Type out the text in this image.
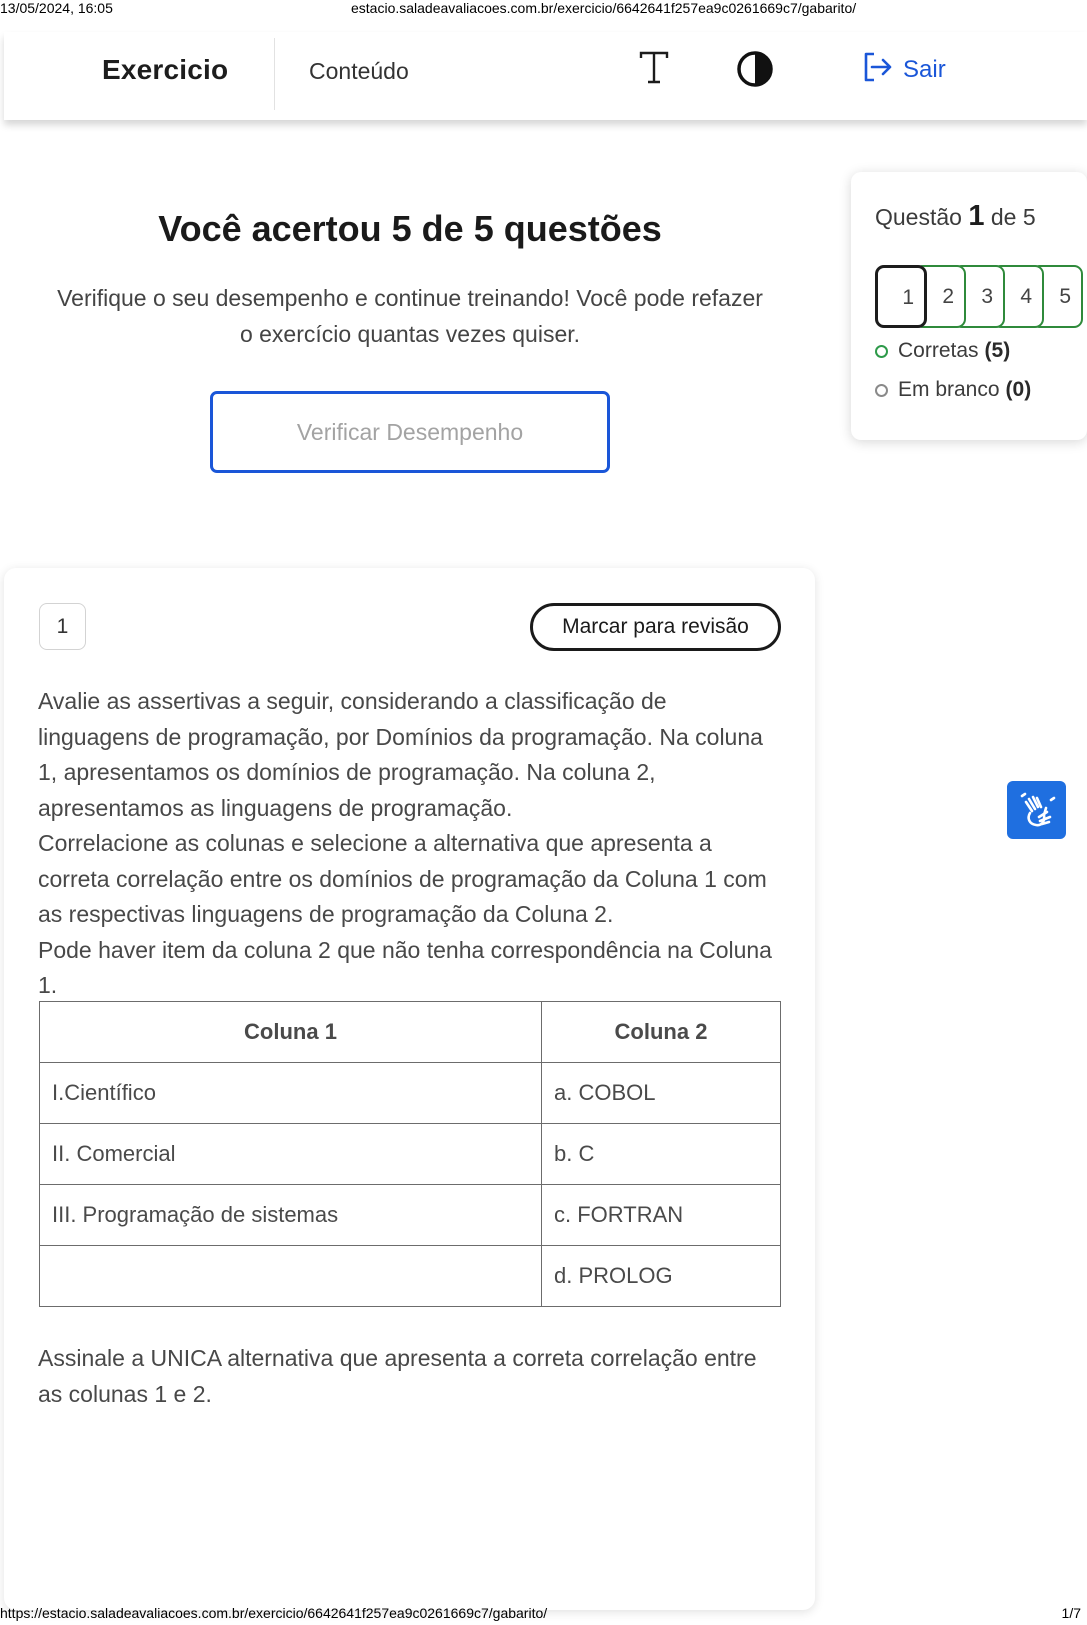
13/05/2024, 16:05	estacio.saladeavaliacoes.com.br/exercicio/6642641f257ea9c0261669c7/gabarito/
Exercicio	Conteúdo	Sair
Você acertou 5 de 5 questões

Verifique o seu desempenho e continue treinando! Você pode refazer o exercício quantas vezes quiser.

Verificar Desempenho
Questão 1 de 5
5
4
3
2
1
Corretas (5)
Em branco (0)
1	Marcar para revisão
Avalie as assertivas a seguir, considerando a classificação de linguagens de programação, por Domínios da programação. Na coluna 1, apresentamos os domínios de programação. Na coluna 2, apresentamos as linguagens de programação.
Correlacione as colunas e selecione a alternativa que apresenta a correta correlação entre os domínios de programação da Coluna 1 com as respectivas linguagens de programação da Coluna 2.
Pode haver item da coluna 2 que não tenha correspondência na Coluna 1.
Coluna 1	Coluna 2
I.Científico	a. COBOL
II. Comercial	b. C
III. Programação de sistemas	c. FORTRAN
	d. PROLOG
Assinale a UNICA alternativa que apresenta a correta correlação entre as colunas 1 e 2.
https://estacio.saladeavaliacoes.com.br/exercicio/6642641f257ea9c0261669c7/gabarito/	1/7
